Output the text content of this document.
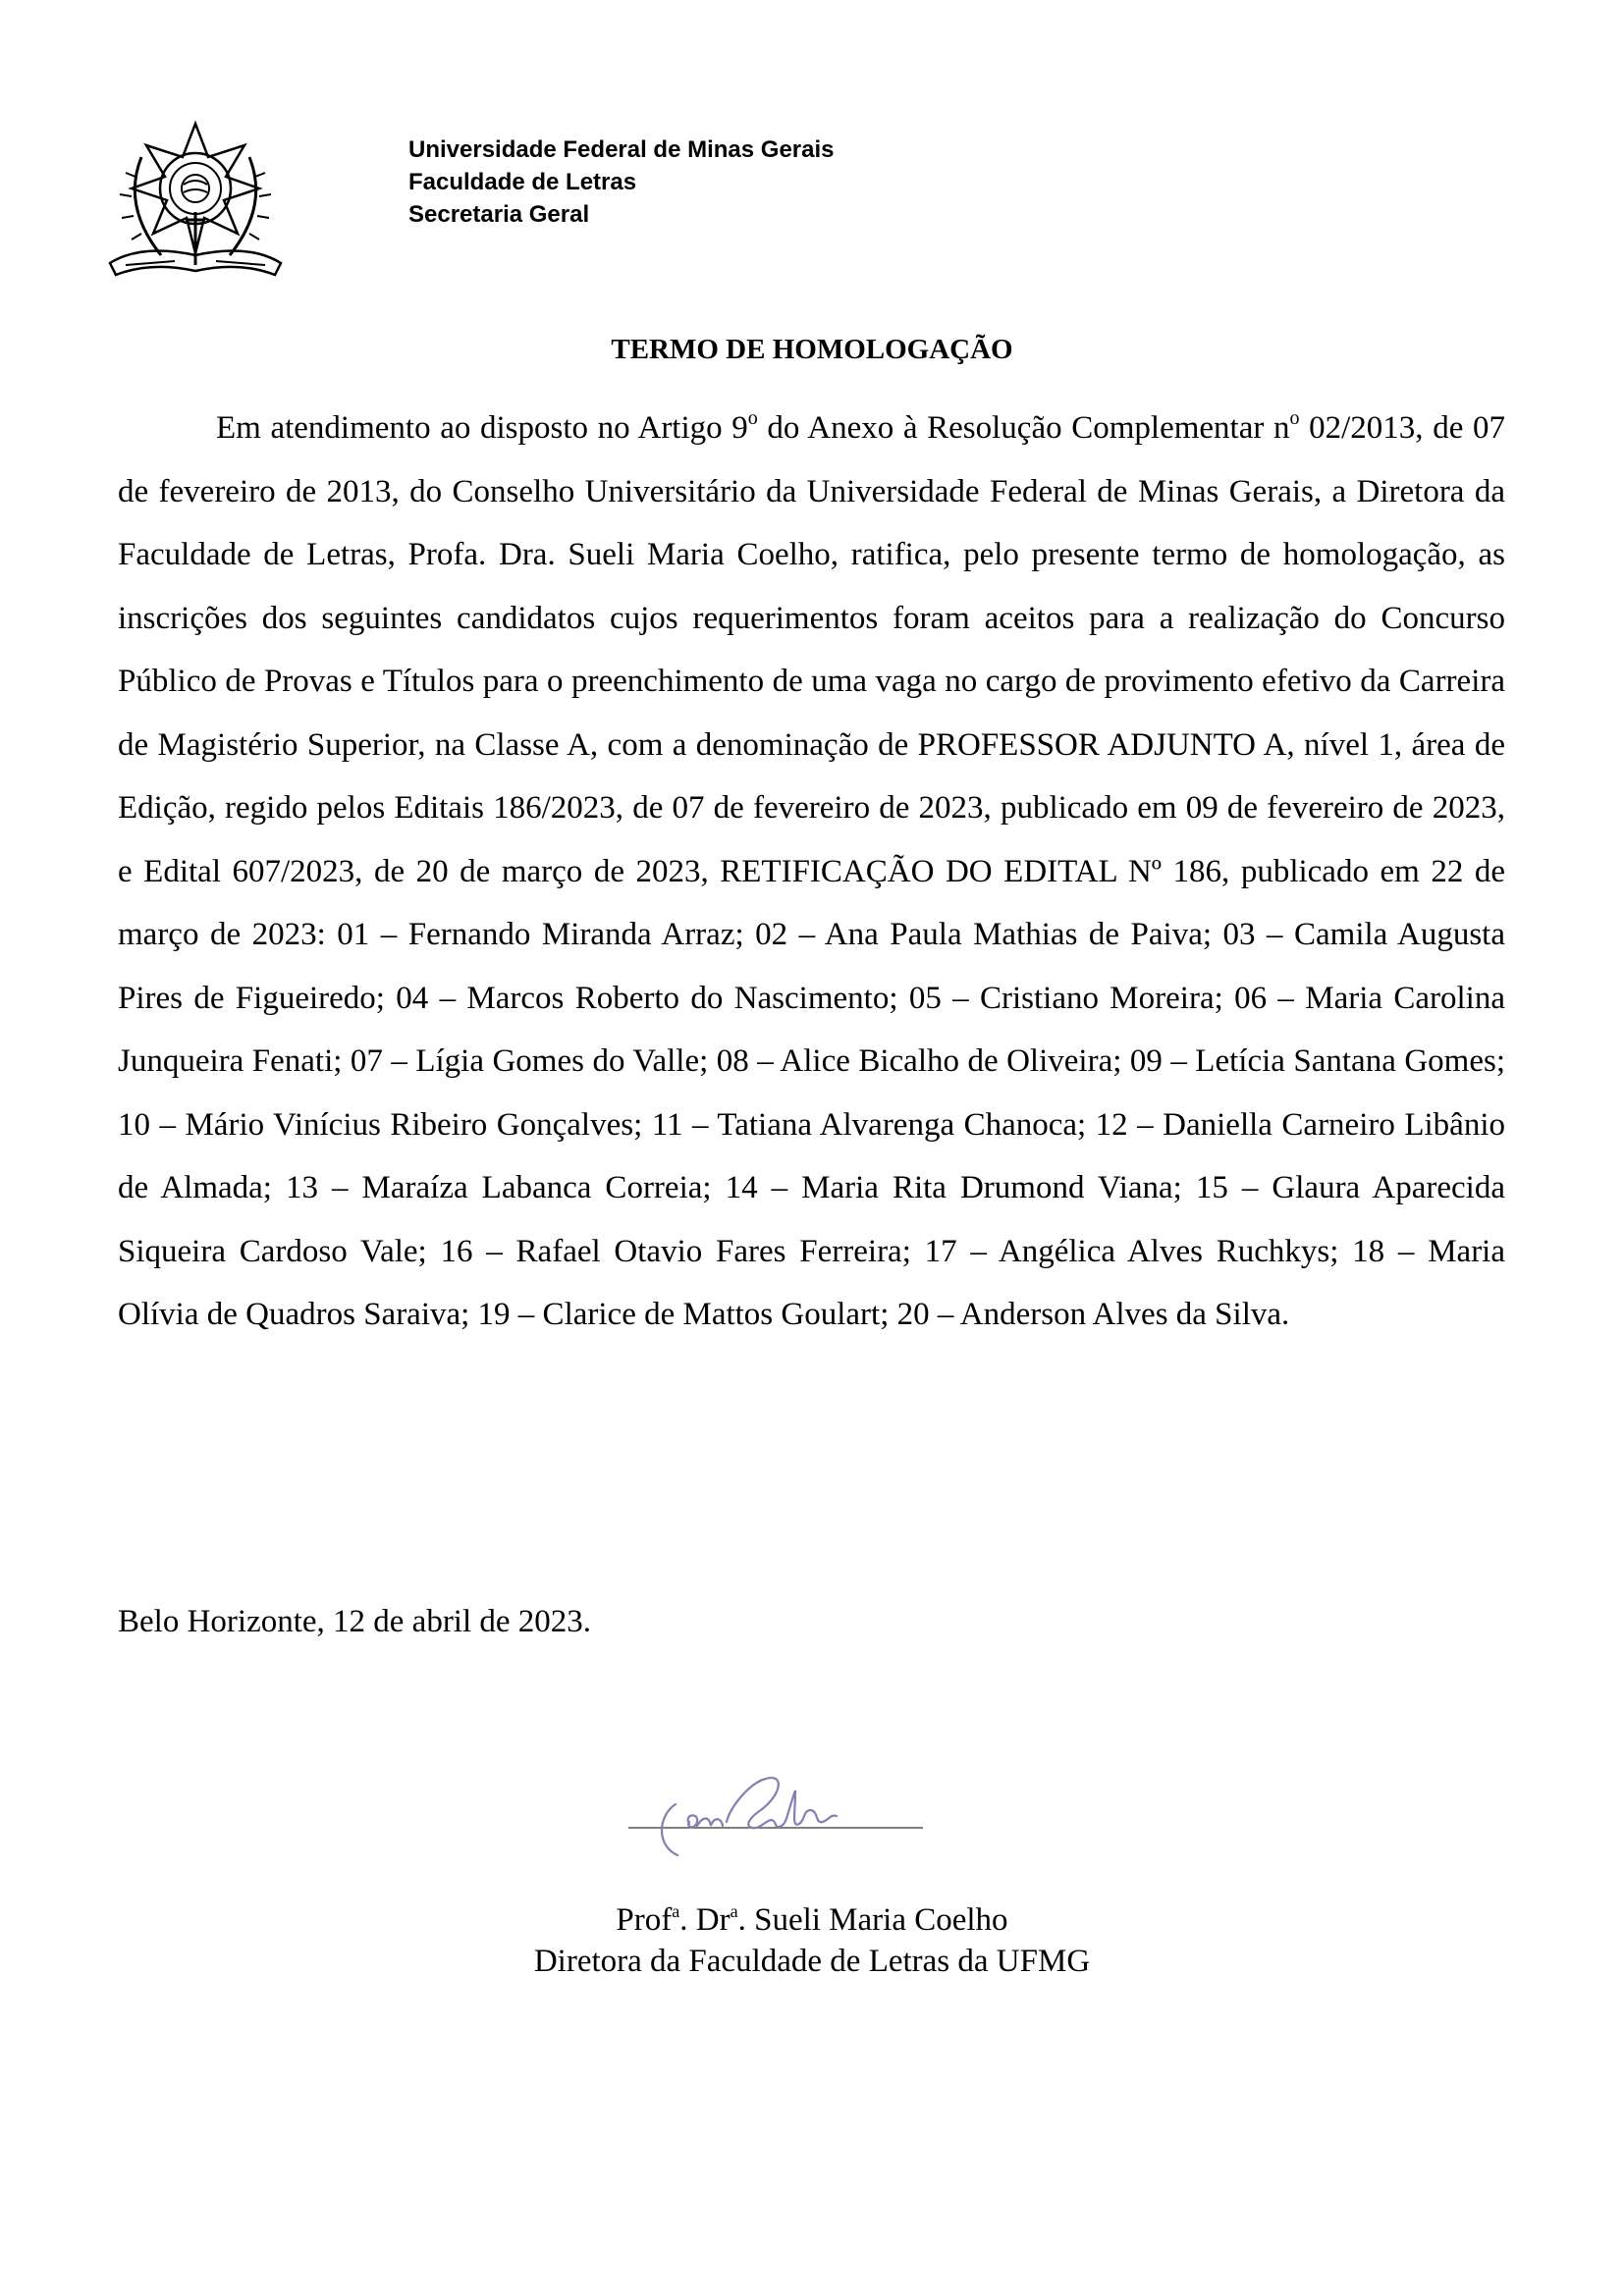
Universidade Federal de Minas Gerais
Faculdade de Letras
Secretaria Geral
TERMO DE HOMOLOGAÇÃO

Em atendimento ao disposto no Artigo 9$^o$ do Anexo à Resolução Complementar $n^o$ 02/2013, de 07 de fevereiro de 2013, do Conselho Universitário da Universidade Federal de Minas Gerais, a Diretora da Faculdade de Letras, Profa. Dra. Sueli Maria Coelho, ratifica, pelo presente termo de homologação, as inscrições dos seguintes candidatos cujos requerimentos foram aceitos para a realização do Concurso Público de Provas e Títulos para o preenchimento de uma vaga no cargo de provimento efetivo da Carreira de Magistério Superior, na Classe A, com a denominação de PROFESSOR ADJUNTO A, nível 1, área de Edição, regido pelos Editais 186/2023, de 07 de fevereiro de 2023, publicado em 09 de fevereiro de 2023, e Edital 607/2023, de 20 de março de 2023, RETIFICAÇÃO DO EDITAL Nº 186, publicado em 22 de março de 2023: 01 – Fernando Miranda Arraz; 02 – Ana Paula Mathias de Paiva; 03 – Camila Augusta Pires de Figueiredo; 04 – Marcos Roberto do Nascimento; 05 – Cristiano Moreira; 06 – Maria Carolina Junqueira Fenati; 07 – Lígia Gomes do Valle; 08 – Alice Bicalho de Oliveira; 09 – Letícia Santana Gomes; 10 – Mário Vinícius Ribeiro Gonçalves; 11 – Tatiana Alvarenga Chanoca; 12 – Daniella Carneiro Libânio de Almada; 13 – Maraíza Labanca Correia; 14 – Maria Rita Drumond Viana; 15 – Glaura Aparecida Siqueira Cardoso Vale; 16 – Rafael Otavio Fares Ferreira; 17 – Angélica Alves Ruchkys; 18 – Maria Olívia de Quadros Saraiva; 19 – Clarice de Mattos Goulart; 20 – Anderson Alves da Silva.

Belo Horizonte, 12 de abril de 2023.
Prof$^a$. Dr$^a$. Sueli Maria Coelho
Diretora da Faculdade de Letras da UFMG
